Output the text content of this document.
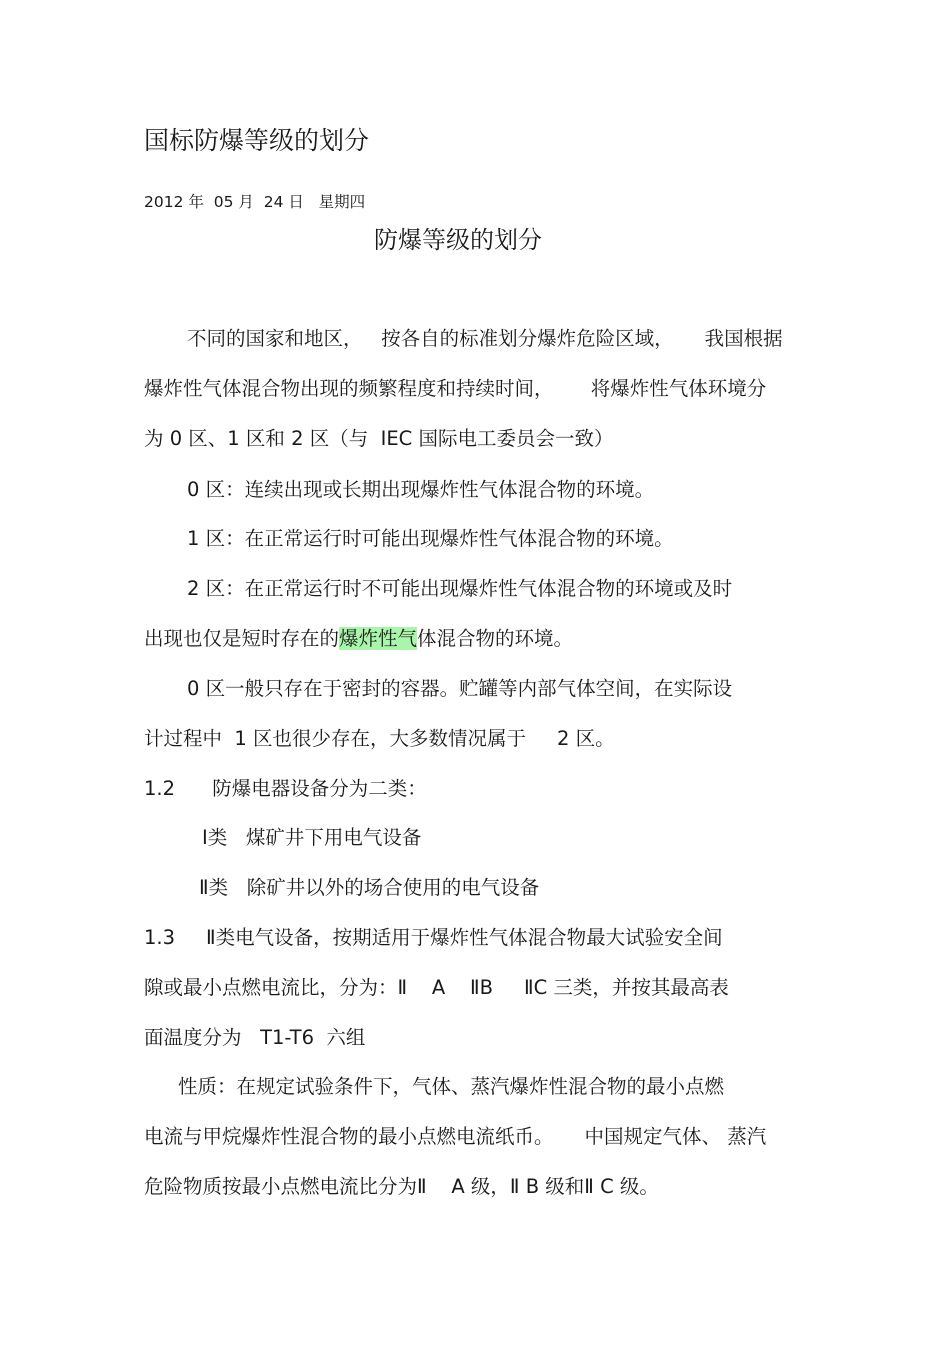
国标防爆等级的划分
2012 年  05 月  24 日   星期四
防爆等级的划分
不同的国家和地区，   按各自的标准划分爆炸危险区域，     我国根据
爆炸性气体混合物出现的频繁程度和持续时间，      将爆炸性气体环境分
为 0 区、1 区和 2 区（与  IEC 国际电工委员会一致）
0 区：连续出现或长期出现爆炸性气体混合物的环境。
1 区：在正常运行时可能出现爆炸性气体混合物的环境。
2 区：在正常运行时不可能出现爆炸性气体混合物的环境或及时
出现也仅是短时存在的爆炸性气体混合物的环境。
0 区一般只存在于密封的容器。贮罐等内部气体空间，在实际设
计过程中  1 区也很少存在，大多数情况属于     2 区。
1.2      防爆电器设备分为二类：
Ⅰ类   煤矿井下用电气设备
Ⅱ类   除矿井以外的场合使用的电气设备
1.3     Ⅱ类电气设备，按期适用于爆炸性气体混合物最大试验安全间
隙或最小点燃电流比，分为：Ⅱ    A    ⅡB     ⅡC 三类，并按其最高表
面温度分为   T1-T6  六组
性质：在规定试验条件下，气体、蒸汽爆炸性混合物的最小点燃
电流与甲烷爆炸性混合物的最小点燃电流纸币。     中国规定气体、 蒸汽
危险物质按最小点燃电流比分为Ⅱ    A 级，Ⅱ B 级和Ⅱ C 级。
